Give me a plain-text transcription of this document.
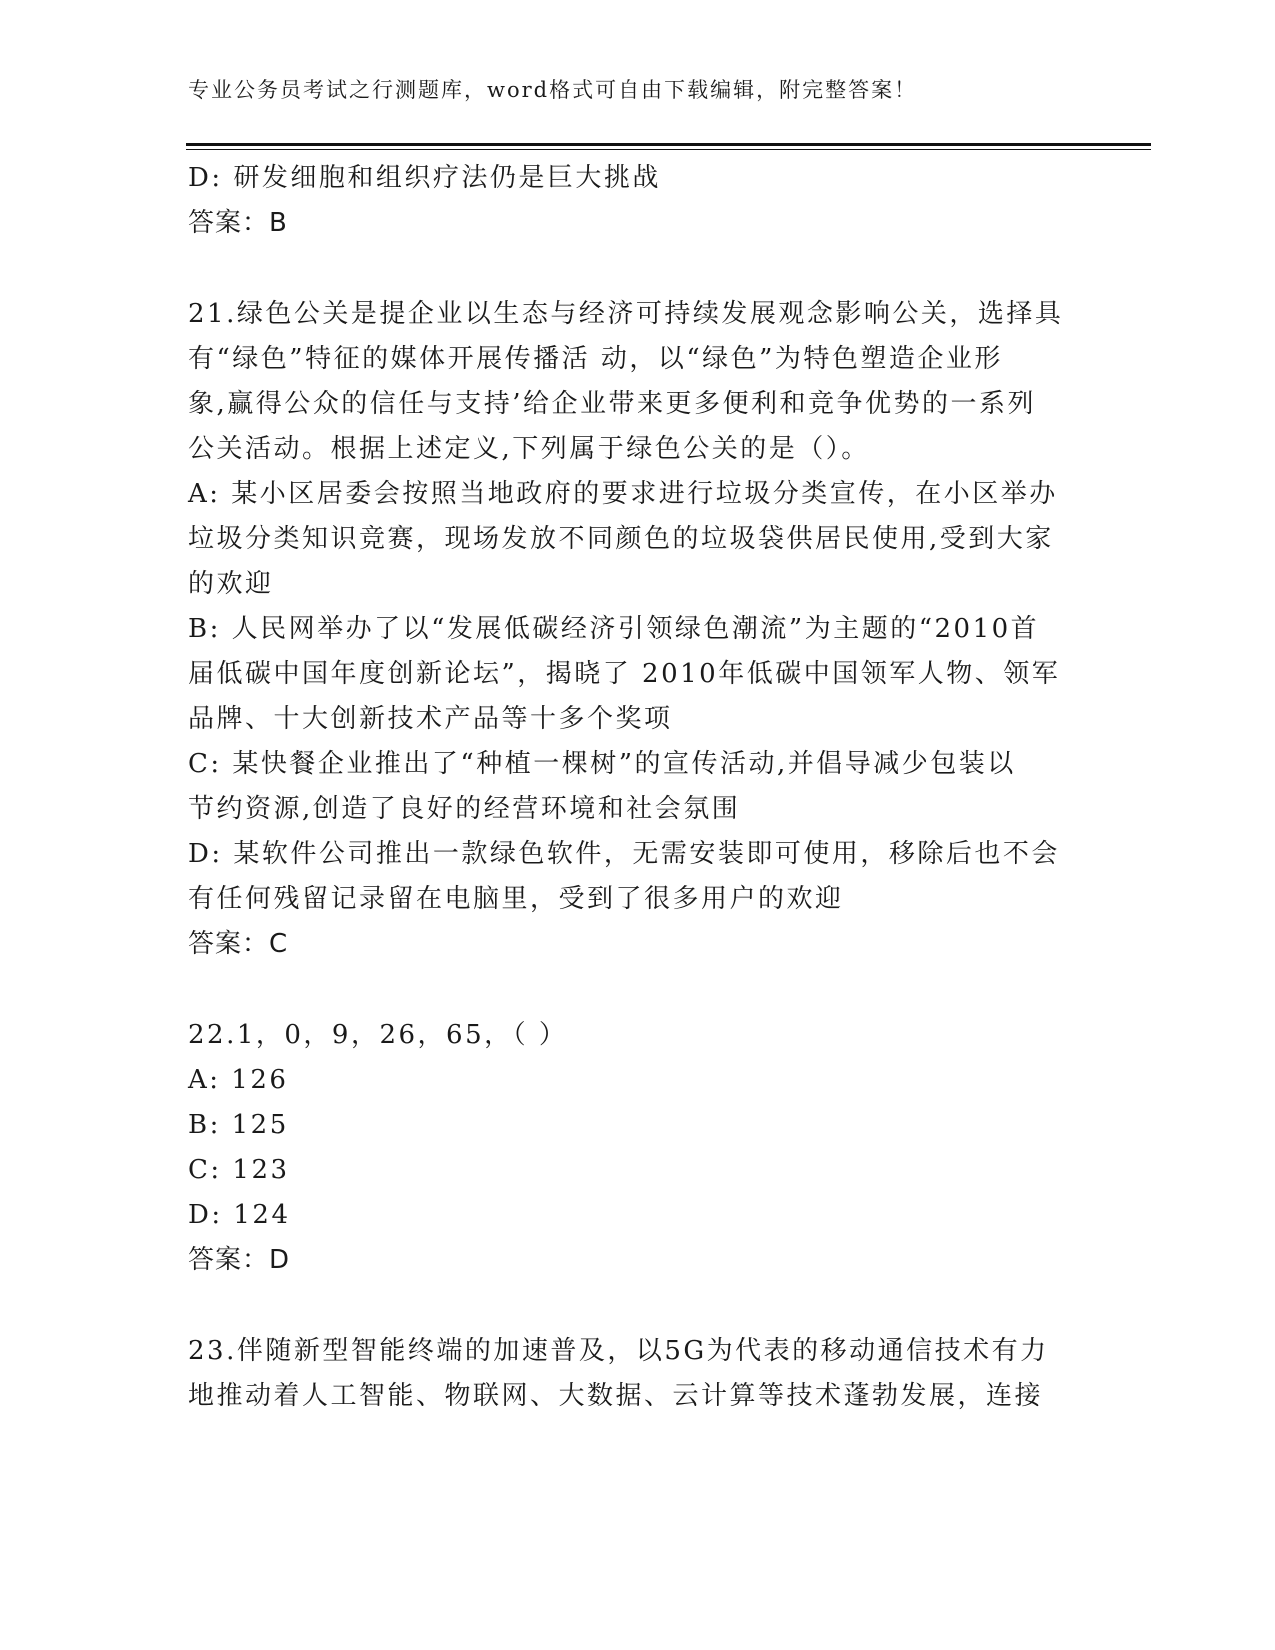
专业公务员考试之行测题库，word格式可自由下载编辑，附完整答案！
D: 研发细胞和组织疗法仍是巨大挑战
答案：B
21.绿色公关是提企业以生态与经济可持续发展观念影响公关，选择具
有“绿色”特征的媒体开展传播活 动，以“绿色”为特色塑造企业形
象,赢得公众的信任与支持’给企业带来更多便利和竞争优势的一系列
公关活动。根据上述定义,下列属于绿色公关的是（）。
A: 某小区居委会按照当地政府的要求进行垃圾分类宣传，在小区举办
垃圾分类知识竞赛，现场发放不同颜色的垃圾袋供居民使用,受到大家
的欢迎
B: 人民网举办了以“发展低碳经济引领绿色潮流”为主题的“2010首
届低碳中国年度创新论坛”，揭晓了 2010年低碳中国领军人物、领军
品牌、十大创新技术产品等十多个奖项
C: 某快餐企业推出了“种植一棵树”的宣传活动,并倡导减少包装以
节约资源,创造了良好的经营环境和社会氛围
D: 某软件公司推出一款绿色软件，无需安装即可使用，移除后也不会
有任何残留记录留在电脑里，受到了很多用户的欢迎
答案：C
22.1，0，9，26，65，（ ）
A: 126
B: 125
C: 123
D: 124
答案：D
23.伴随新型智能终端的加速普及，以5G为代表的移动通信技术有力
地推动着人工智能、物联网、大数据、云计算等技术蓬勃发展，连接
